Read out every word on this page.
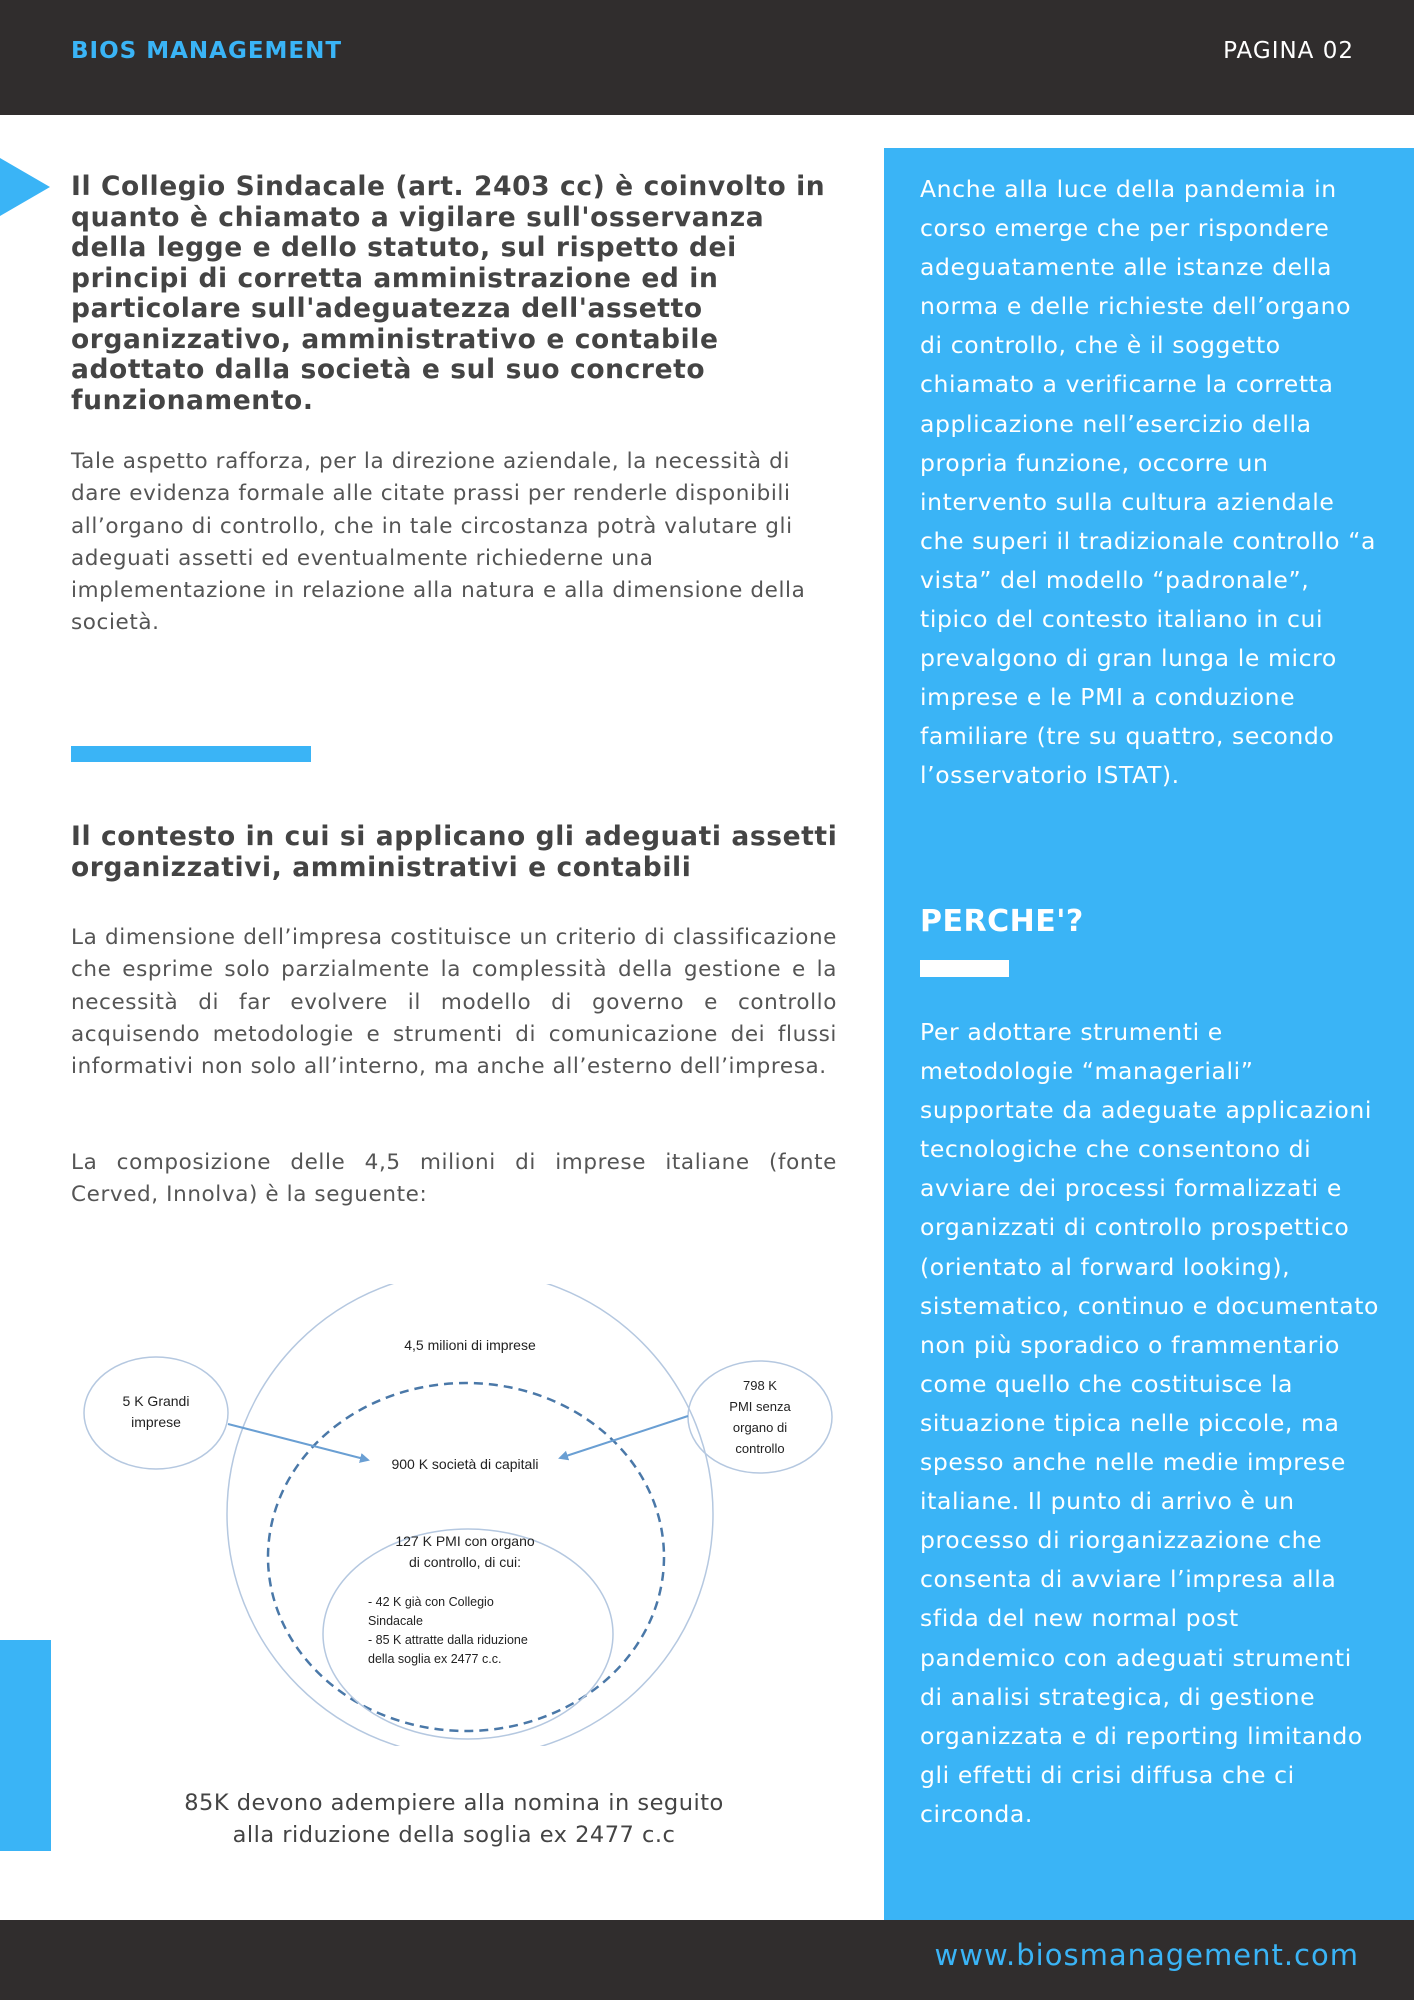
BIOS MANAGEMENT	PAGINA 02
Il Collegio Sindacale (art. 2403 cc) è coinvolto in quanto è chiamato a vigilare sull'osservanza della legge e dello statuto, sul rispetto dei principi di corretta amministrazione ed in particolare sull'adeguatezza dell'assetto organizzativo, amministrativo e contabile adottato dalla società e sul suo concreto funzionamento.
Tale aspetto rafforza, per la direzione aziendale, la necessità di dare evidenza formale alle citate prassi per renderle disponibili all’organo di controllo, che in tale circostanza potrà valutare gli adeguati assetti ed eventualmente richiederne una implementazione in relazione alla natura e alla dimensione della società.
Il contesto in cui si applicano gli adeguati assetti organizzativi, amministrativi e contabili
La dimensione dell’impresa costituisce un criterio di classificazione che esprime solo parzialmente la complessità della gestione e la necessità di far evolvere il modello di governo e controllo acquisendo metodologie e strumenti di comunicazione dei flussi informativi non solo all’interno, ma anche all’esterno dell’impresa.
La composizione delle 4,5 milioni di imprese italiane (fonte Cerved, Innolva) è la seguente:
4,5 milioni di imprese
5 K Grandi
imprese
798 K
PMI senza
organo di
controllo
900 K società di capitali
127 K PMI con organo
di controllo, di cui:
- 42 K già con Collegio
Sindacale
- 85 K attratte dalla riduzione
della soglia ex 2477 c.c.
85K devono adempiere alla nomina in seguito
alla riduzione della soglia ex 2477 c.c
Anche alla luce della pandemia in corso emerge che per rispondere adeguatamente alle istanze della norma e delle richieste dell’organo di controllo, che è il soggetto chiamato a verificarne la corretta applicazione nell’esercizio della propria funzione, occorre un intervento sulla cultura aziendale che superi il tradizionale controllo “a vista” del modello “padronale”, tipico del contesto italiano in cui prevalgono di gran lunga le micro imprese e le PMI a conduzione familiare (tre su quattro, secondo l’osservatorio ISTAT).
PERCHE'?
Per adottare strumenti e metodologie “manageriali” supportate da adeguate applicazioni tecnologiche che consentono di avviare dei processi formalizzati e organizzati di controllo prospettico (orientato al forward looking), sistematico, continuo e documentato non più sporadico o frammentario come quello che costituisce la situazione tipica nelle piccole, ma spesso anche nelle medie imprese italiane. Il punto di arrivo è un processo di riorganizzazione che consenta di avviare l’impresa alla sfida del new normal post pandemico con adeguati strumenti di analisi strategica, di gestione organizzata e di reporting limitando gli effetti di crisi diffusa che ci circonda.
www.biosmanagement.com
